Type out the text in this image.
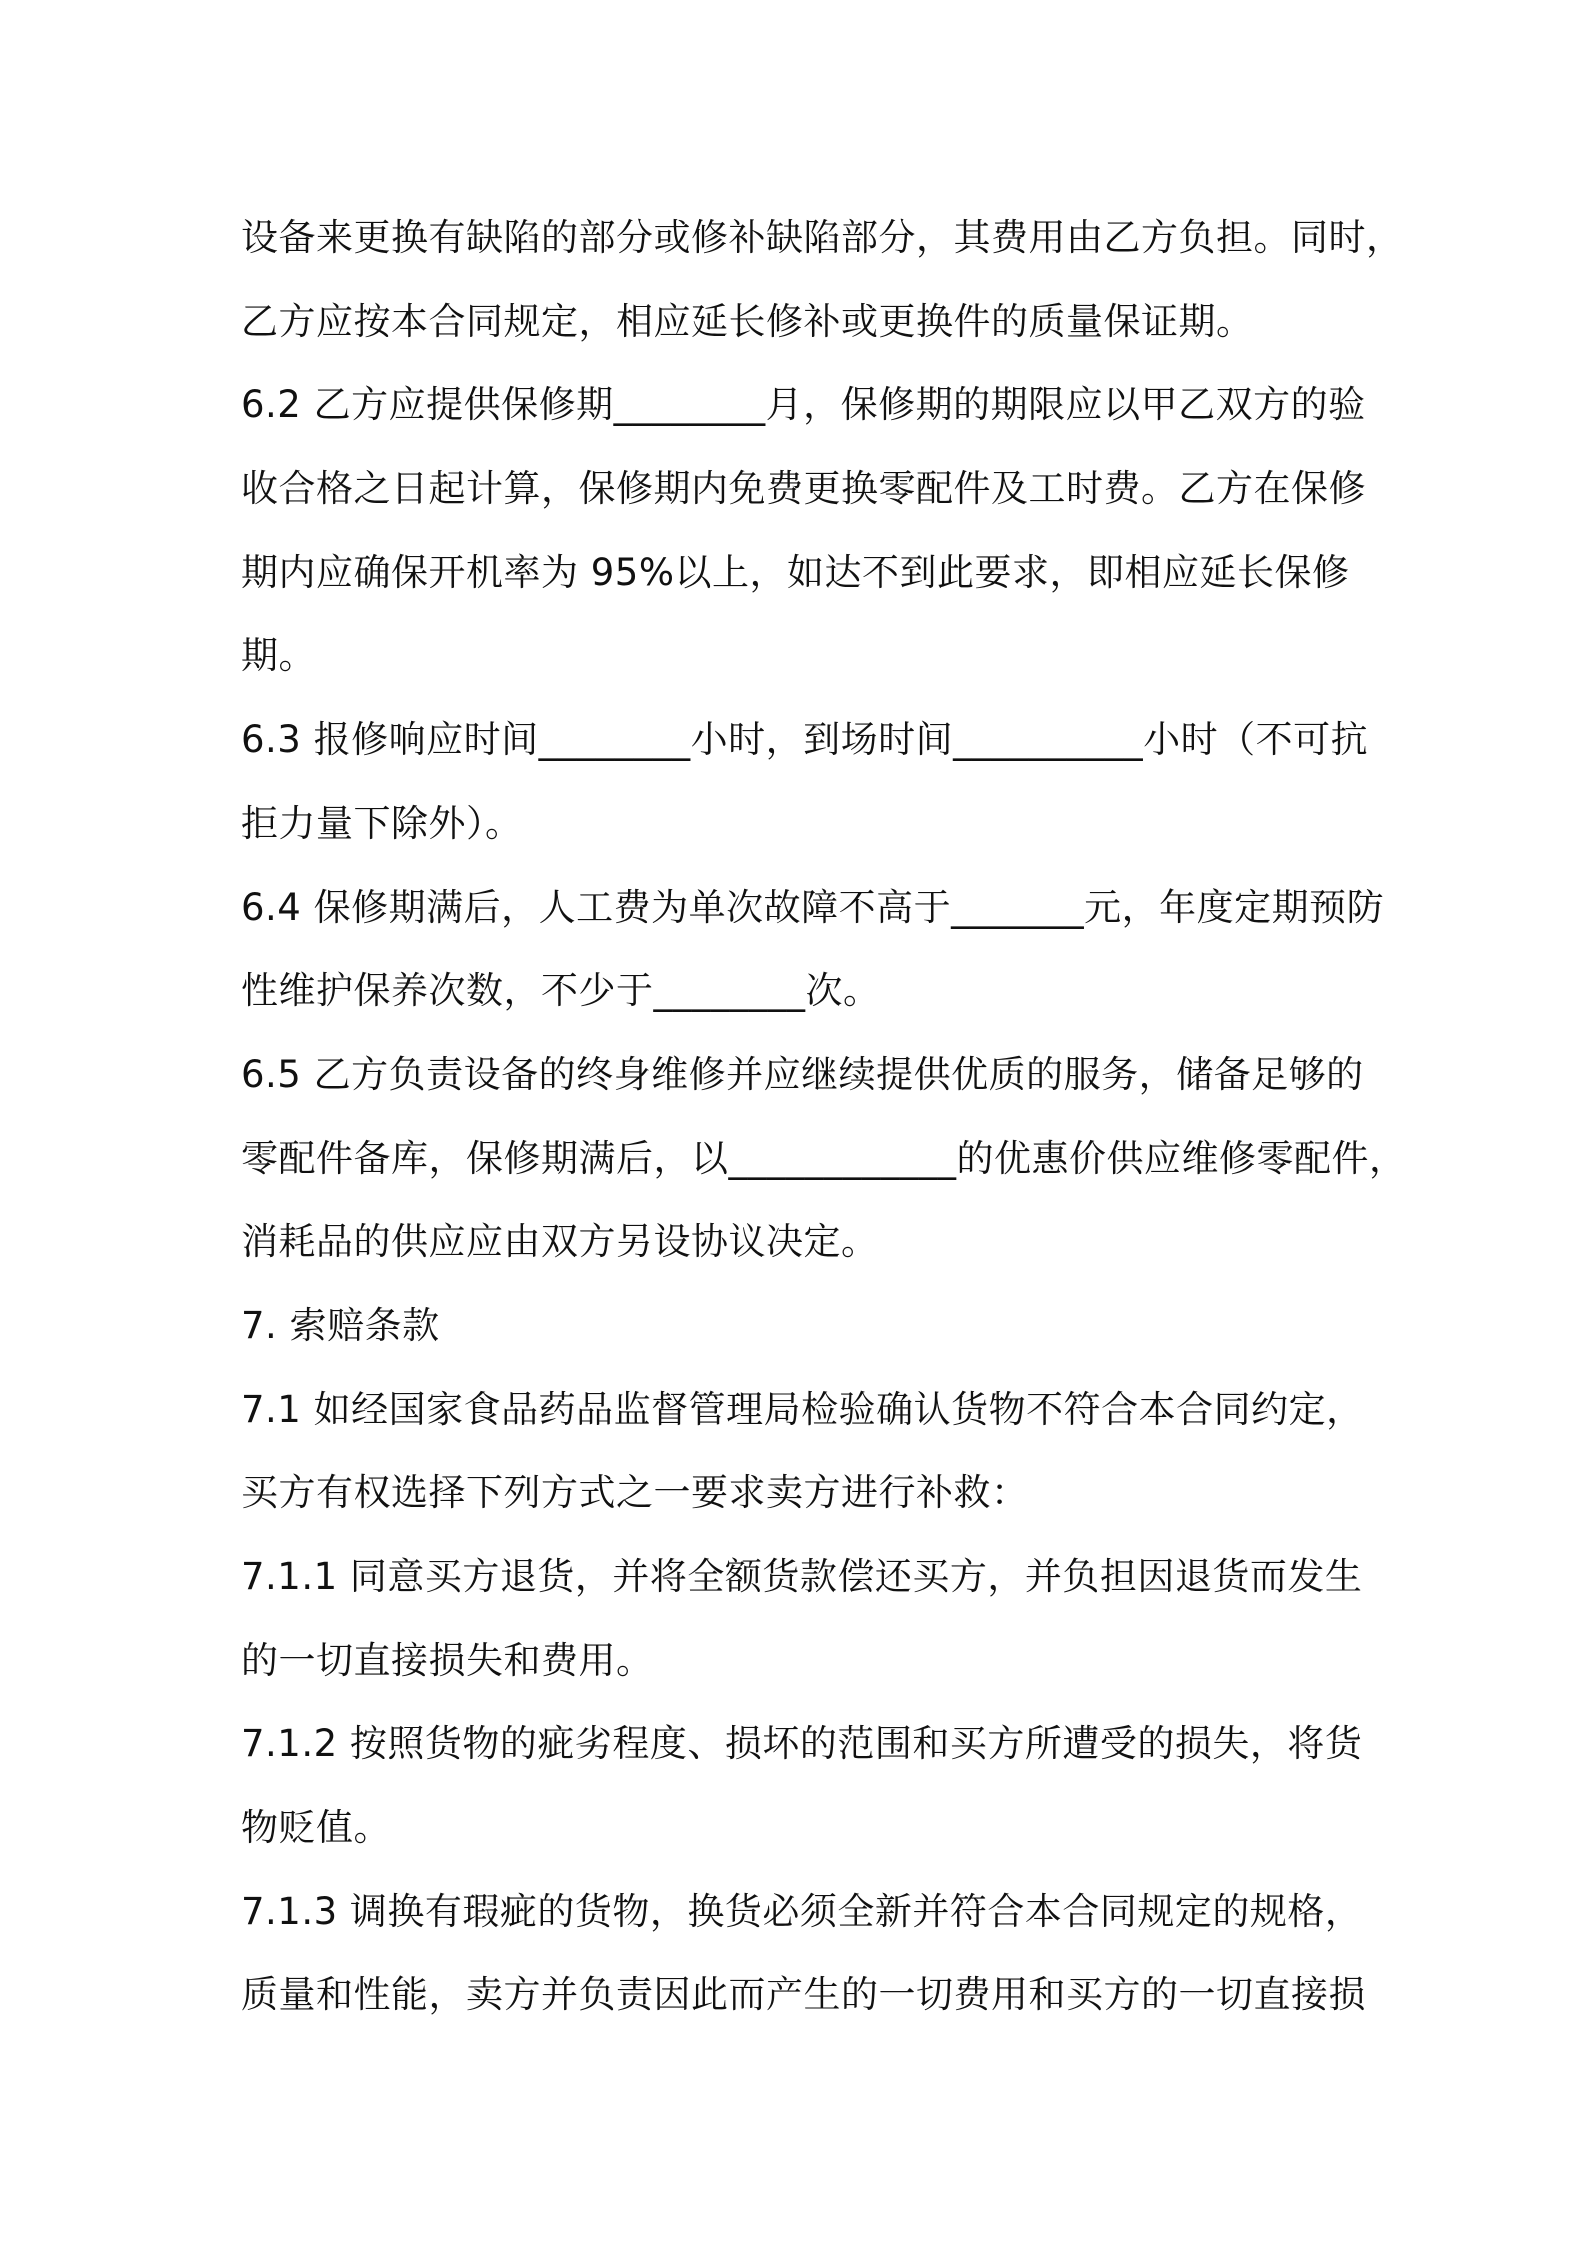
设备来更换有缺陷的部分或修补缺陷部分，其费用由乙方负担。同时，
乙方应按本合同规定，相应延长修补或更换件的质量保证期。
6.2 乙方应提供保修期________月，保修期的期限应以甲乙双方的验
收合格之日起计算，保修期内免费更换零配件及工时费。乙方在保修
期内应确保开机率为 95%以上，如达不到此要求，即相应延长保修
期。
6.3 报修响应时间________小时，到场时间__________小时（不可抗
拒力量下除外）。
6.4 保修期满后，人工费为单次故障不高于_______元，年度定期预防
性维护保养次数，不少于________次。
6.5 乙方负责设备的终身维修并应继续提供优质的服务，储备足够的
零配件备库，保修期满后，以____________的优惠价供应维修零配件，
消耗品的供应应由双方另设协议决定。
7. 索赔条款
7.1 如经国家食品药品监督管理局检验确认货物不符合本合同约定，
买方有权选择下列方式之一要求卖方进行补救：
7.1.1 同意买方退货，并将全额货款偿还买方，并负担因退货而发生
的一切直接损失和费用。
7.1.2 按照货物的疵劣程度、损坏的范围和买方所遭受的损失，将货
物贬值。
7.1.3 调换有瑕疵的货物，换货必须全新并符合本合同规定的规格，
质量和性能，卖方并负责因此而产生的一切费用和买方的一切直接损
